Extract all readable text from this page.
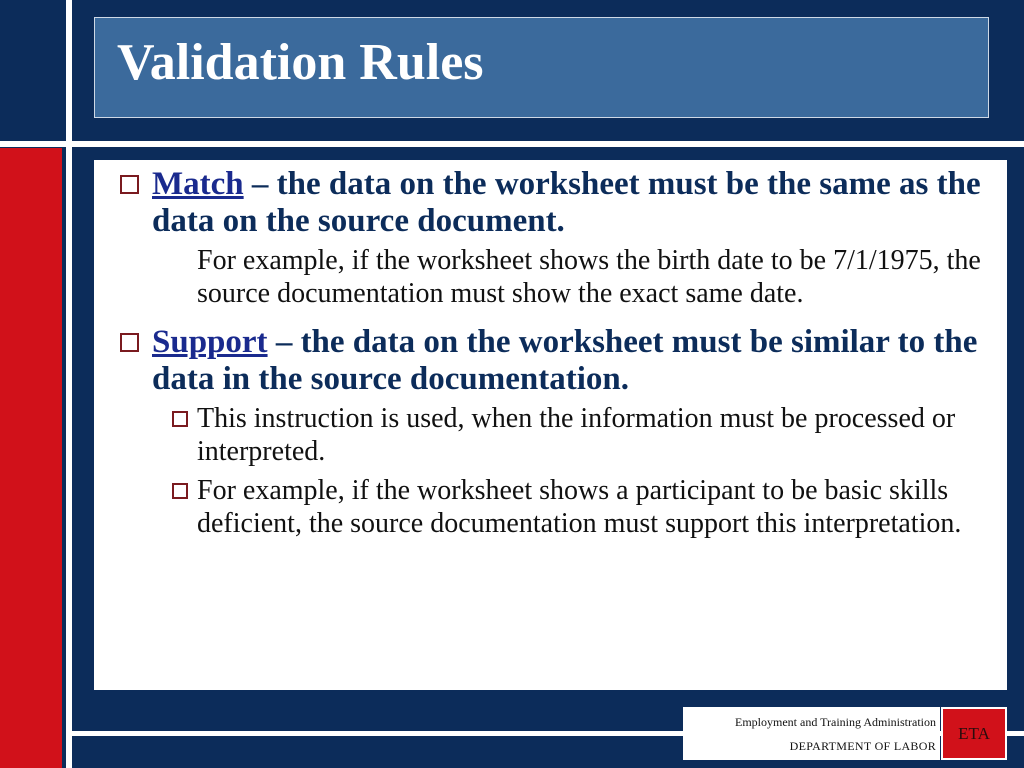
Validation Rules
Match – the data on the worksheet must be the same as the data on the source document.
For example, if the worksheet shows the birth date to be 7/1/1975, the source documentation must show the exact same date.
Support – the data on the worksheet must be similar to the data in the source documentation.
This instruction is used, when the information must be processed or interpreted.
For example, if the worksheet shows a participant to be basic skills deficient, the source documentation must support this interpretation.
Employment and Training Administration
DEPARTMENT OF LABOR
ETA
